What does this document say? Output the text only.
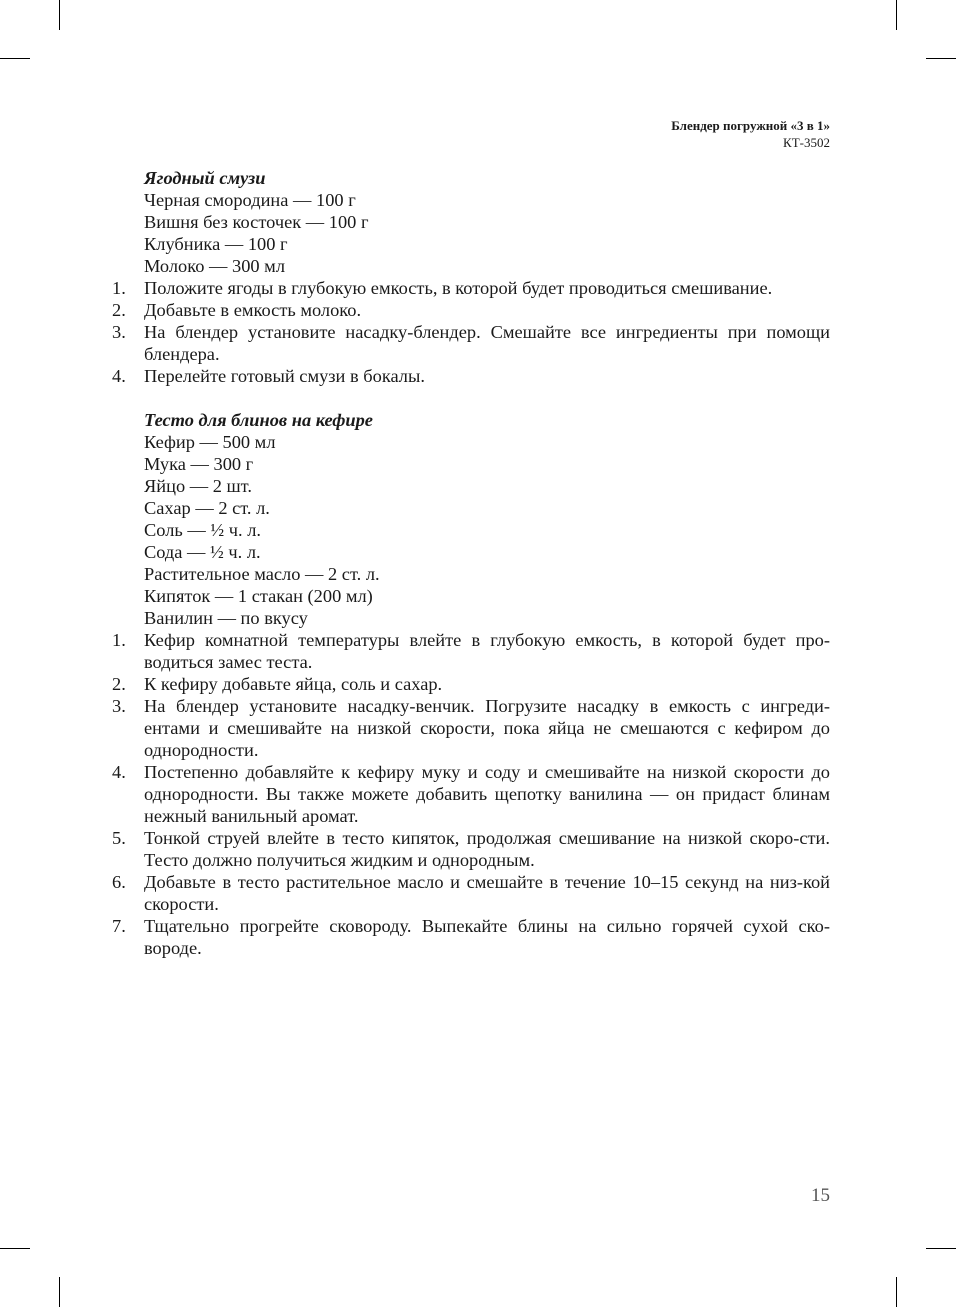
Блендер погружной «3 в 1»
КТ-3502
Ягодный смузи
Черная смородина — 100 г
Вишня без косточек — 100 г
Клубника — 100 г
Молоко — 300 мл
1. Положите ягоды в глубокую емкость, в которой будет проводиться смешивание.
2. Добавьте в емкость молоко.
3. На блендер установите насадку-блендер. Смешайте все ингредиенты при помощи блендера.
4. Перелейте готовый смузи в бокалы.
Тесто для блинов на кефире
Кефир — 500 мл
Мука — 300 г
Яйцо — 2 шт.
Сахар — 2 ст. л.
Соль — ½ ч. л.
Сода — ½ ч. л.
Растительное масло — 2 ст. л.
Кипяток — 1 стакан (200 мл)
Ванилин — по вкусу
1. Кефир комнатной температуры влейте в глубокую емкость, в которой будет про-водиться замес теста.
2. К кефиру добавьте яйца, соль и сахар.
3. На блендер установите насадку-венчик. Погрузите насадку в емкость с ингреди-ентами и смешивайте на низкой скорости, пока яйца не смешаются с кефиром до однородности.
4. Постепенно добавляйте к кефиру муку и соду и смешивайте на низкой скорости до однородности. Вы также можете добавить щепотку ванилина — он придаст блинам нежный ванильный аромат.
5. Тонкой струей влейте в тесто кипяток, продолжая смешивание на низкой скоро-сти. Тесто должно получиться жидким и однородным.
6. Добавьте в тесто растительное масло и смешайте в течение 10–15 секунд на низ-кой скорости.
7. Тщательно прогрейте сковороду. Выпекайте блины на сильно горячей сухой ско-вороде.
15
